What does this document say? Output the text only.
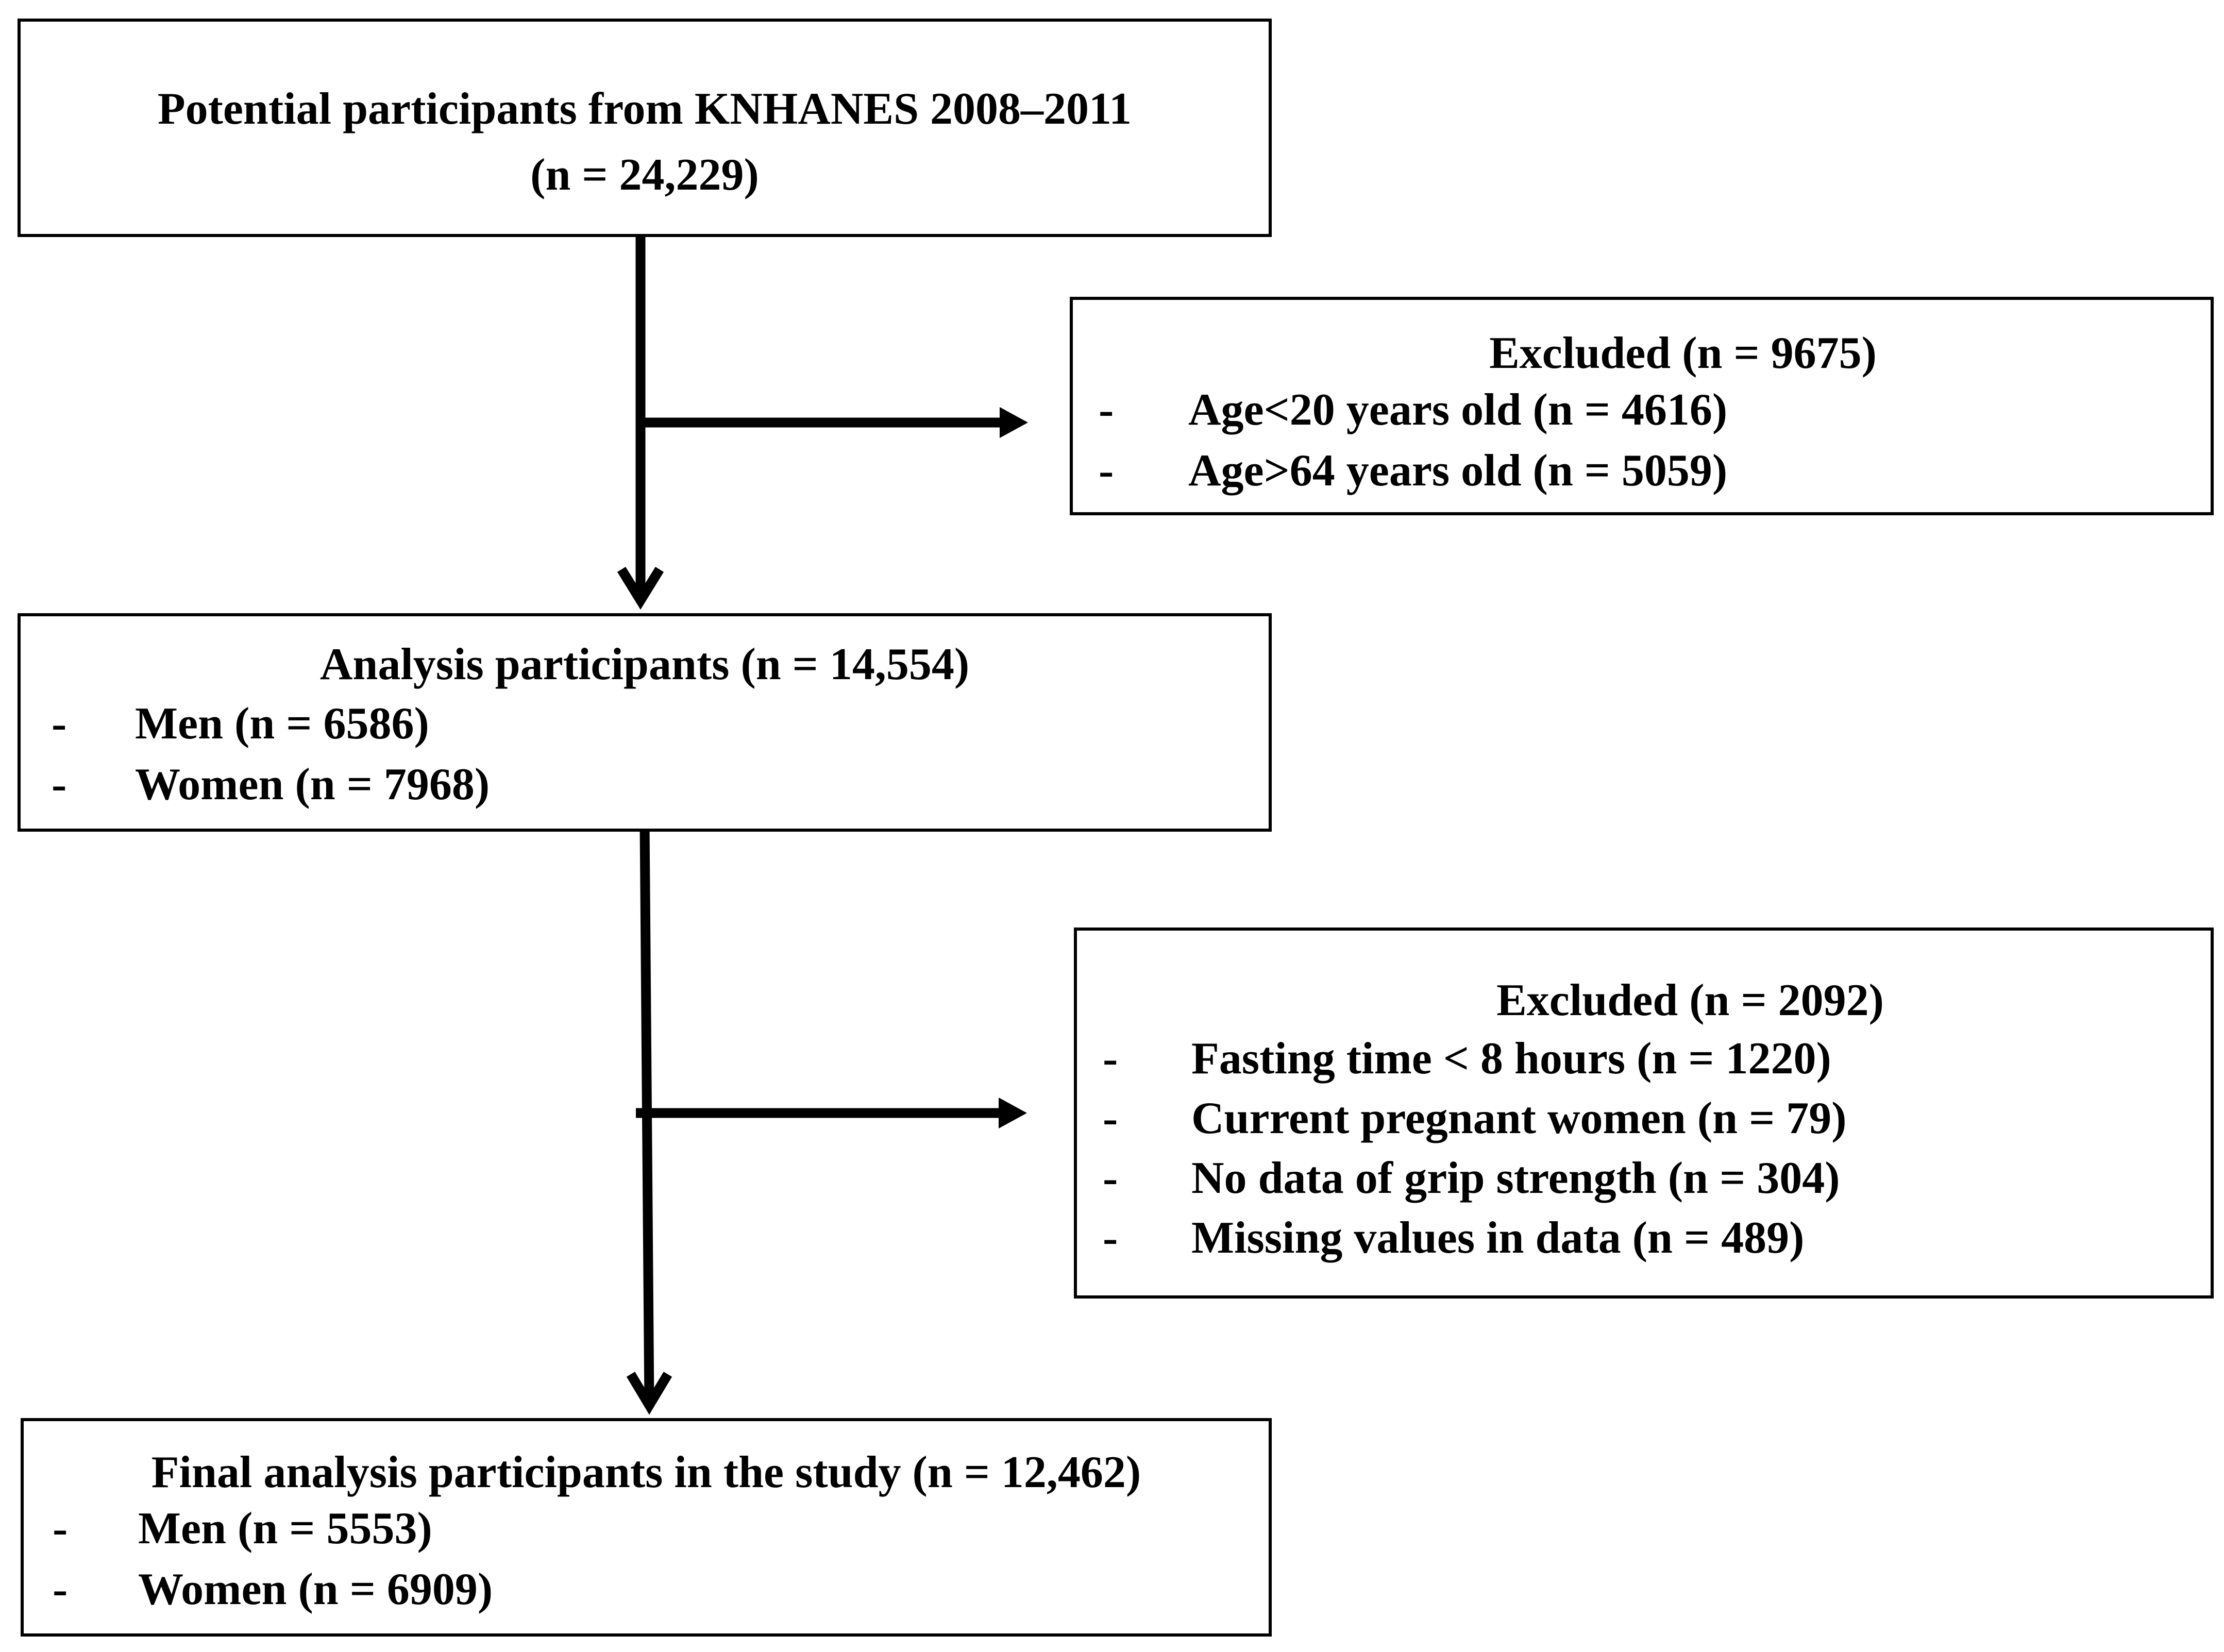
Potential participants from KNHANES 2008‒2011
(n = 24,229)
Excluded (n = 9675)
- Age<20 years old (n = 4616)
- Age>64 years old (n = 5059)
Analysis participants (n = 14,554)
- Men (n = 6586)
- Women (n = 7968)
Excluded (n = 2092)
- Fasting time < 8 hours (n = 1220)
- Current pregnant women (n = 79)
- No data of grip strength (n = 304)
- Missing values in data (n = 489)
Final analysis participants in the study (n = 12,462)
- Men (n = 5553)
- Women (n = 6909)
